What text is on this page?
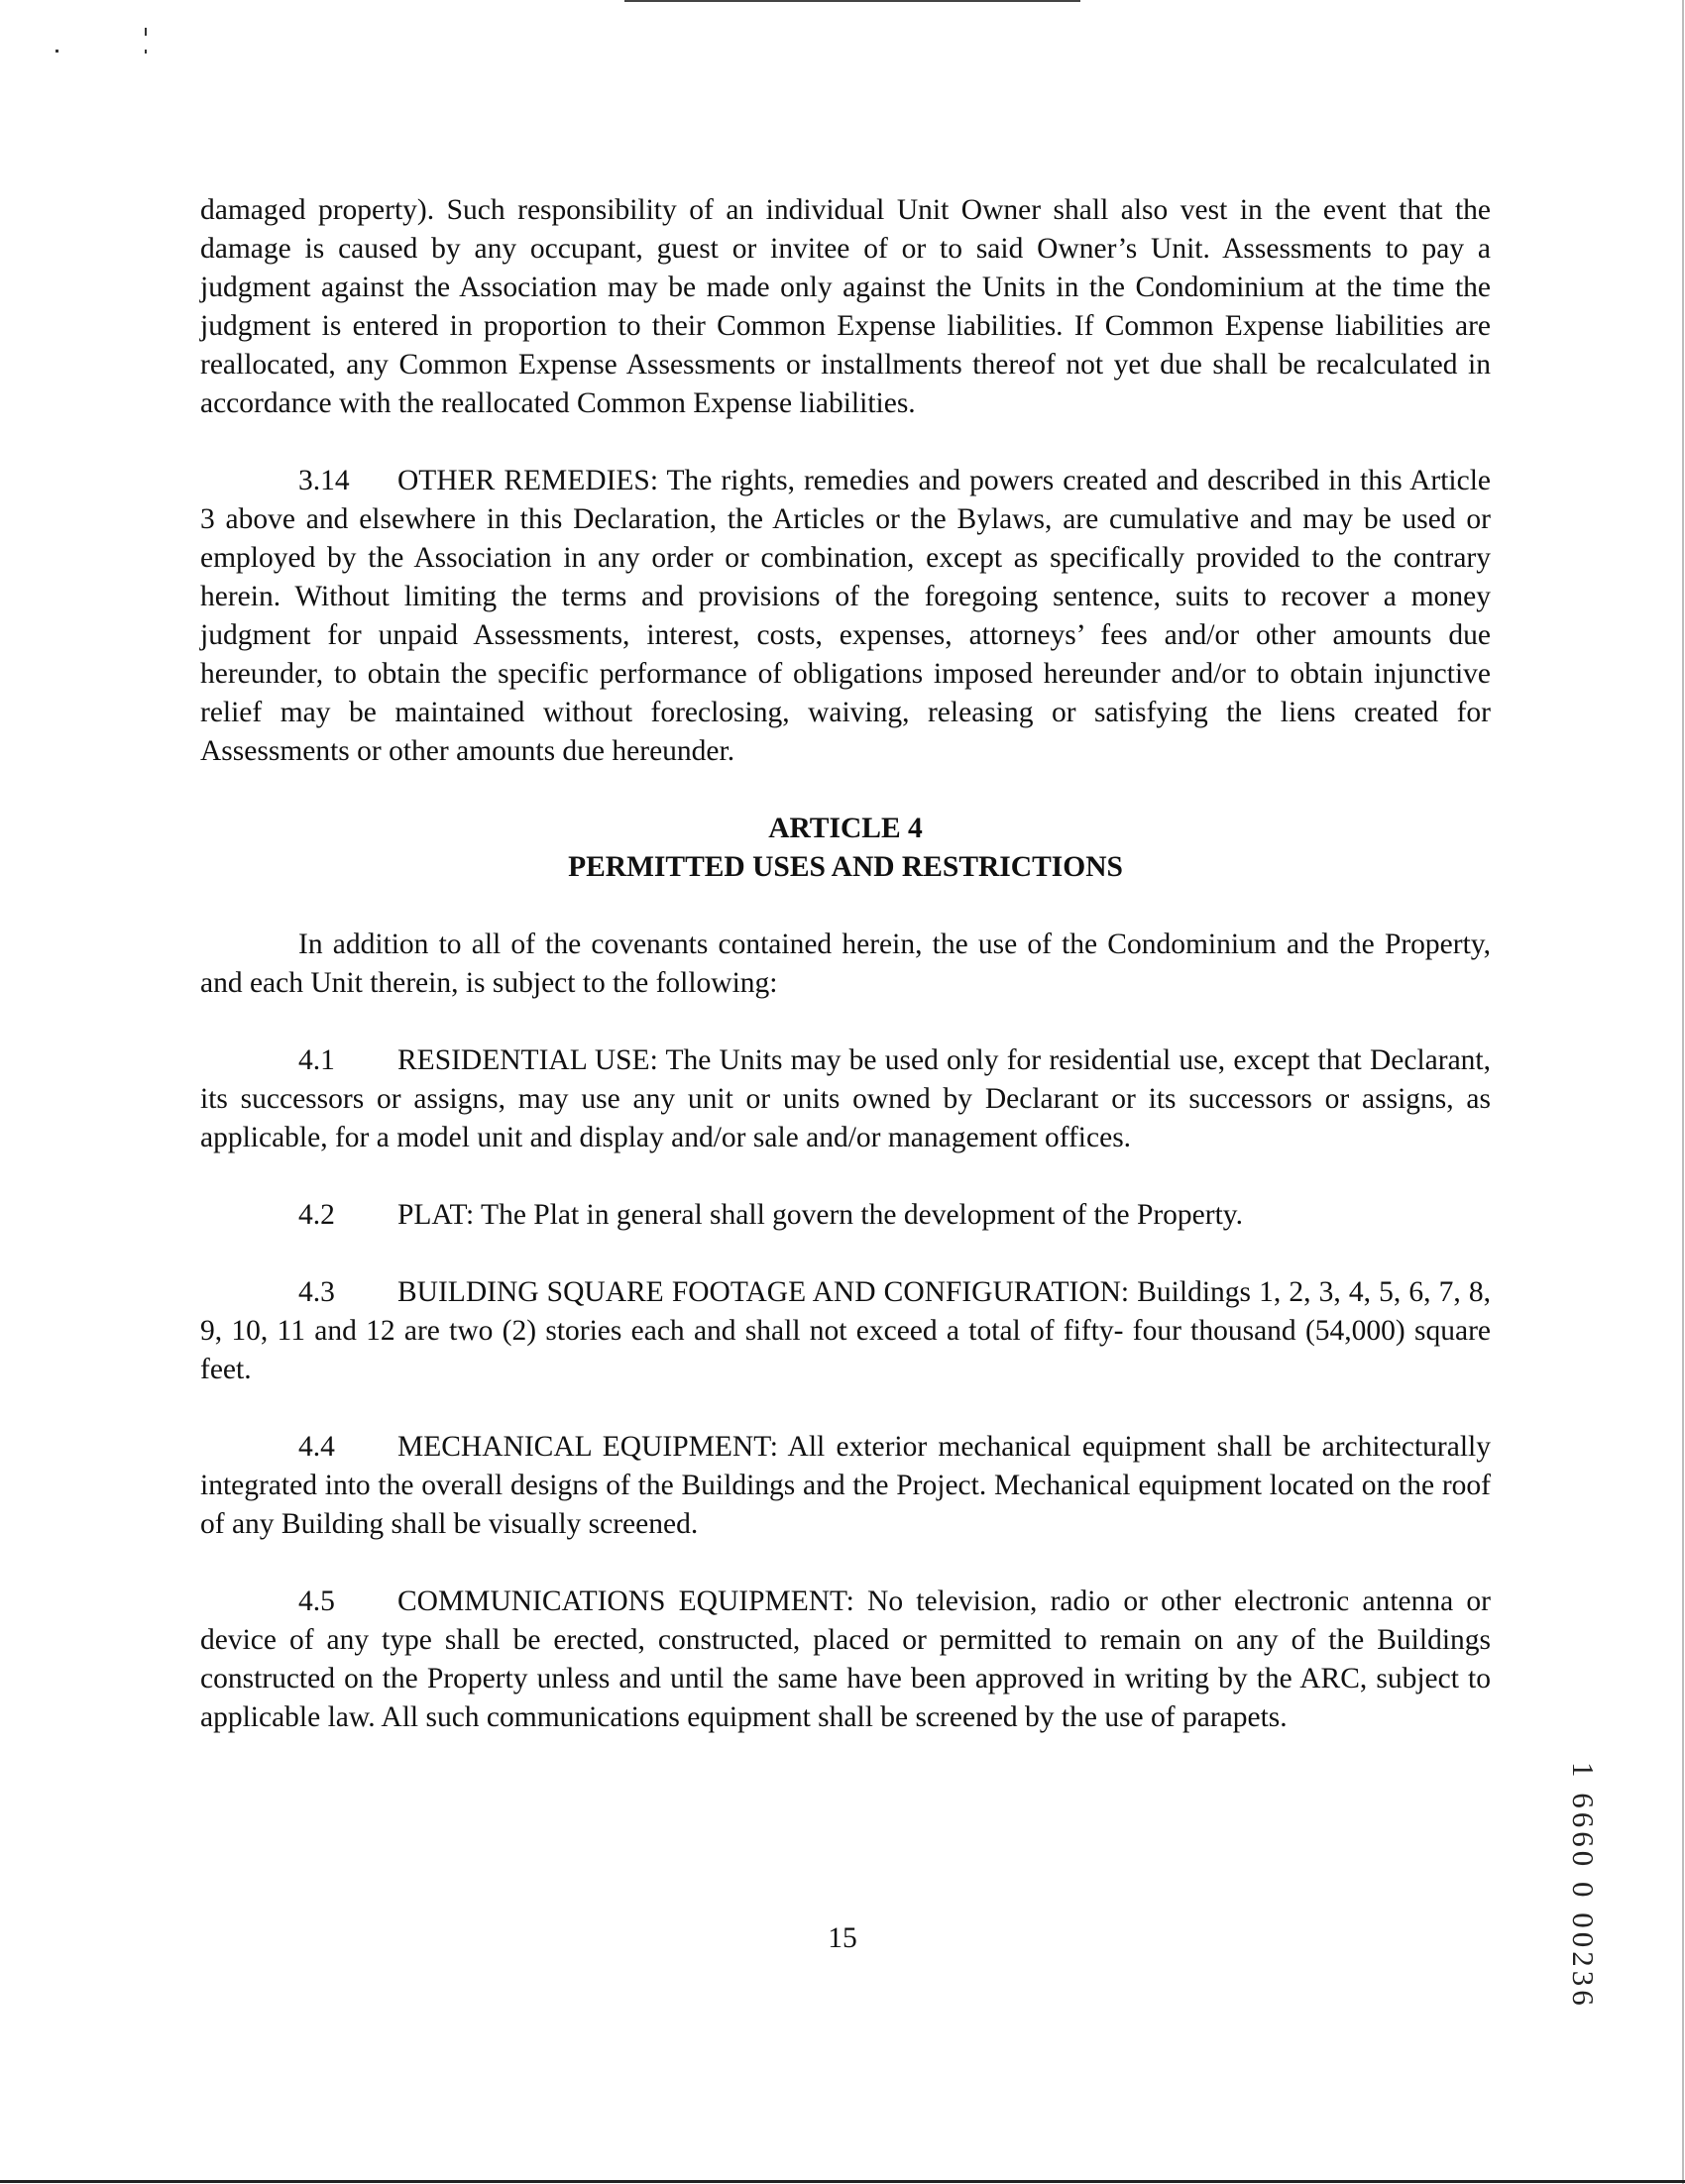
damaged property). Such responsibility of an individual Unit Owner shall also vest in the event that the damage is caused by any occupant, guest or invitee of or to said Owner’s Unit. Assessments to pay a judgment against the Association may be made only against the Units in the Condominium at the time the judgment is entered in proportion to their Common Expense liabilities. If Common Expense liabilities are reallocated, any Common Expense Assessments or installments thereof not yet due shall be recalculated in accordance with the reallocated Common Expense liabilities.

3.14 OTHER REMEDIES: The rights, remedies and powers created and described in this Article 3 above and elsewhere in this Declaration, the Articles or the Bylaws, are cumulative and may be used or employed by the Association in any order or combination, except as specifically provided to the contrary herein. Without limiting the terms and provisions of the foregoing sentence, suits to recover a money judgment for unpaid Assessments, interest, costs, expenses, attorneys’ fees and/or other amounts due hereunder, to obtain the specific performance of obligations imposed hereunder and/or to obtain injunctive relief may be maintained without foreclosing, waiving, releasing or satisfying the liens created for Assessments or other amounts due hereunder.

ARTICLE 4
PERMITTED USES AND RESTRICTIONS

In addition to all of the covenants contained herein, the use of the Condominium and the Property, and each Unit therein, is subject to the following:

4.1 RESIDENTIAL USE: The Units may be used only for residential use, except that Declarant, its successors or assigns, may use any unit or units owned by Declarant or its successors or assigns, as applicable, for a model unit and display and/or sale and/or management offices.

4.2 PLAT: The Plat in general shall govern the development of the Property.

4.3 BUILDING SQUARE FOOTAGE AND CONFIGURATION: Buildings 1, 2, 3, 4, 5, 6, 7, 8, 9, 10, 11 and 12 are two (2) stories each and shall not exceed a total of fifty- four thousand (54,000) square feet.

4.4 MECHANICAL EQUIPMENT: All exterior mechanical equipment shall be architecturally integrated into the overall designs of the Buildings and the Project. Mechanical equipment located on the roof of any Building shall be visually screened.

4.5 COMMUNICATIONS EQUIPMENT: No television, radio or other electronic antenna or device of any type shall be erected, constructed, placed or permitted to remain on any of the Buildings constructed on the Property unless and until the same have been approved in writing by the ARC, subject to applicable law. All such communications equipment shall be screened by the use of parapets.

1 6660 0 00236
15
